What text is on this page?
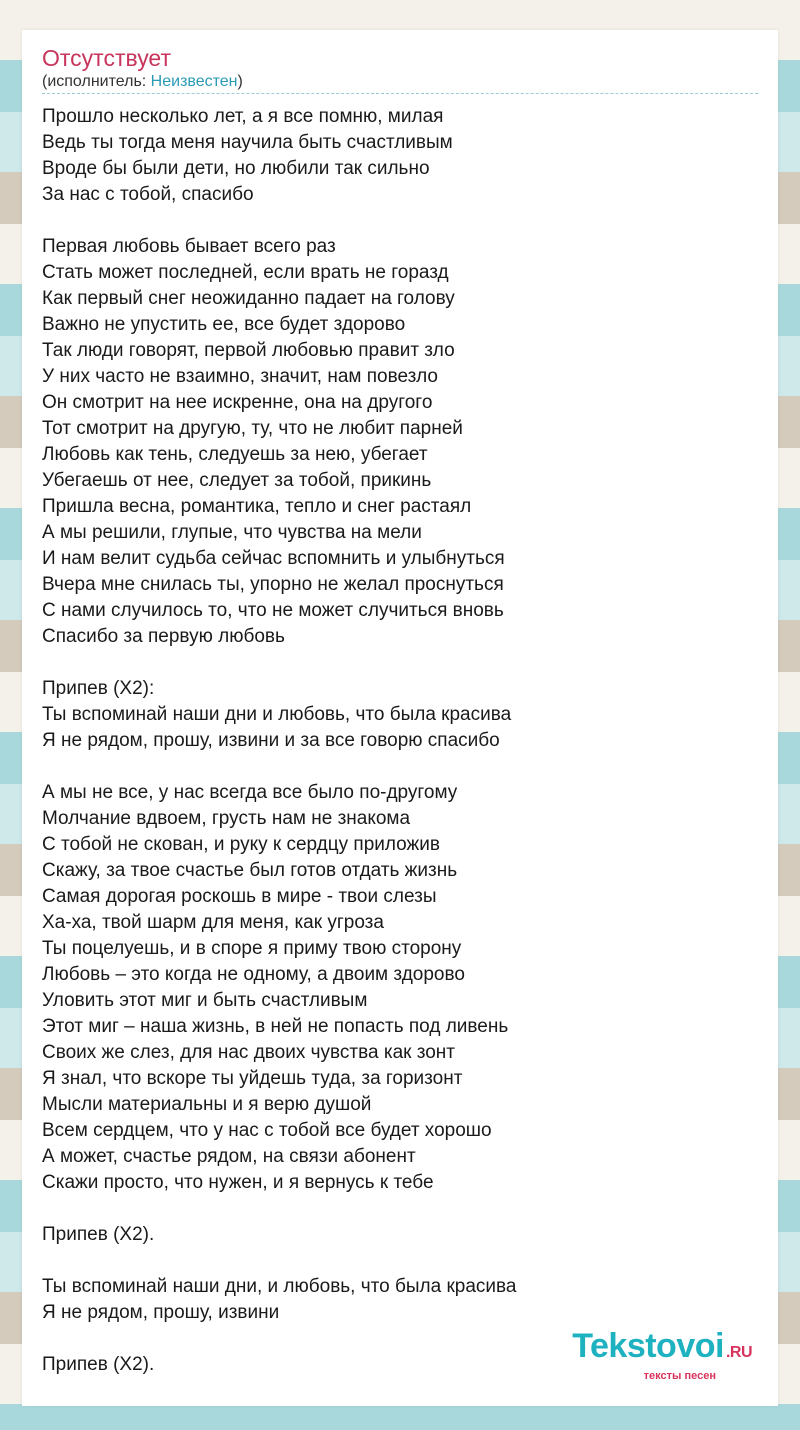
Отсутствует
(исполнитель: Неизвестен)
Прошло несколько лет, а я все помню, милая
Ведь ты тогда меня научила быть счастливым
Вроде бы были дети, но любили так сильно
За нас с тобой, спасибо
Первая любовь бывает всего раз
Стать может последней, если врать не горазд
Как первый снег неожиданно падает на голову
Важно не упустить ее, все будет здорово
Так люди говорят, первой любовью правит зло
У них часто не взаимно, значит, нам повезло
Он смотрит на нее искренне, она на другого
Тот смотрит на другую, ту, что не любит парней
Любовь как тень, следуешь за нею, убегает
Убегаешь от нее, следует за тобой, прикинь
Пришла весна, романтика, тепло и снег растаял
А мы решили, глупые, что чувства на мели
И нам велит судьба сейчас вспомнить и улыбнуться
Вчера мне снилась ты, упорно не желал проснуться
С нами случилось то, что не может случиться вновь
Спасибо за первую любовь
Припев (Х2):
Ты вспоминай наши дни и любовь, что была красива
Я не рядом, прошу, извини и за все говорю спасибо
А мы не все, у нас всегда все было по-другому
Молчание вдвоем, грусть нам не знакома
С тобой не скован, и руку к сердцу приложив
Скажу, за твое счастье был готов отдать жизнь
Самая дорогая роскошь в мире - твои слезы
Ха-ха, твой шарм для меня, как угроза
Ты поцелуешь, и в споре я приму твою сторону
Любовь – это когда не одному, а двоим здорово
Уловить этот миг и быть счастливым
Этот миг – наша жизнь, в ней не попасть под ливень
Своих же слез, для нас двоих чувства как зонт
Я знал, что вскоре ты уйдешь туда, за горизонт
Мысли материальны и я верю душой
Всем сердцем, что у нас с тобой все будет хорошо
А может, счастье рядом, на связи абонент
Скажи просто, что нужен, и я вернусь к тебе
Припев (Х2).
Ты вспоминай наши дни, и любовь, что была красива
Я не рядом, прошу, извини
Припев (Х2).	Tekstovoi .RU
тексты песен
